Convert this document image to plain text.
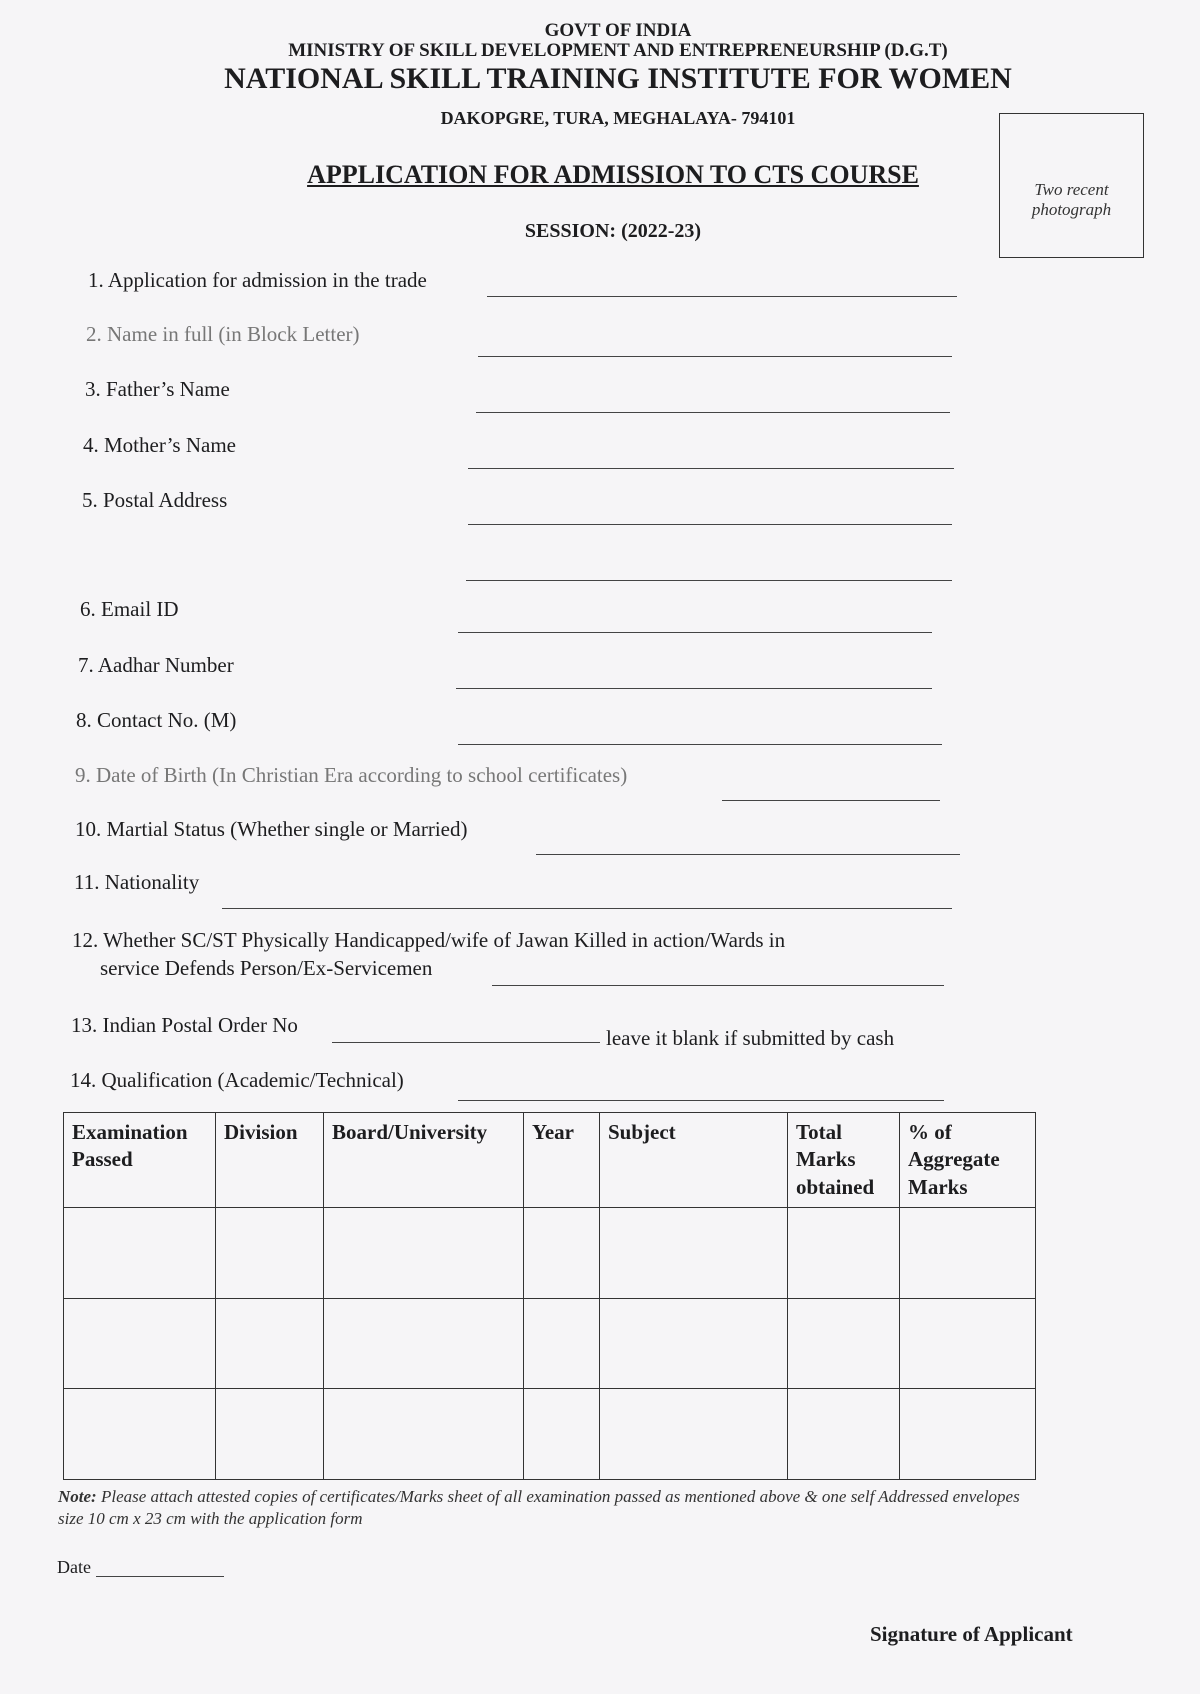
GOVT OF INDIA
MINISTRY OF SKILL DEVELOPMENT AND ENTREPRENEURSHIP (D.G.T)
NATIONAL SKILL TRAINING INSTITUTE FOR WOMEN
DAKOPGRE, TURA, MEGHALAYA- 794101
APPLICATION FOR ADMISSION TO CTS COURSE
SESSION: (2022-23)
Two recent
photograph
1. Application for admission in the trade
2. Name in full (in Block Letter)
3. Father’s Name
4. Mother’s Name
5. Postal Address
6. Email ID
7. Aadhar Number
8. Contact No. (M)
9. Date of Birth (In Christian Era according to school certificates)
10. Martial Status (Whether single or Married)
11. Nationality
12. Whether SC/ST Physically Handicapped/wife of Jawan Killed in action/Wards in
service Defends Person/Ex-Servicemen
13. Indian Postal Order No
leave it blank if submitted by cash
14. Qualification (Academic/Technical)
Examination Passed	Division	Board/University	Year	Subject	Total Marks obtained	% of Aggregate Marks

Note: Please attach attested copies of certificates/Marks sheet of all examination passed as mentioned above & one self Addressed envelopes size 10 cm x 23 cm with the application form
Date
Signature of Applicant
